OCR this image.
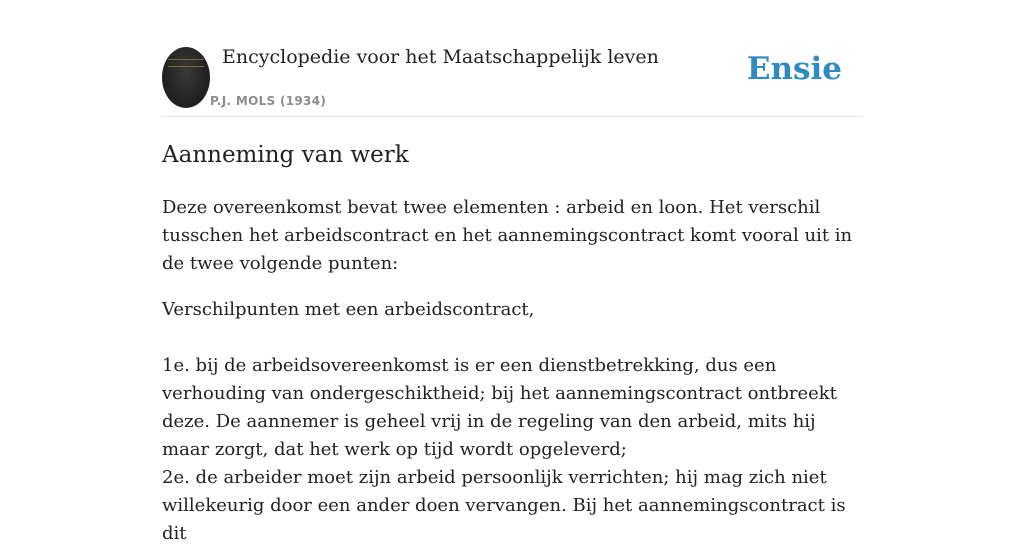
Encyclopedie voor het Maatschappelijk leven
P.J. MOLS (1934)
Ensie
Aanneming van werk

Deze overeenkomst bevat twee elementen : arbeid en loon. Het verschil tusschen het arbeidscontract en het aannemingscontract komt vooral uit in de twee volgende punten:

Verschilpunten met een arbeidscontract,

1e. bij de arbeidsovereenkomst is er een dienstbetrekking, dus een verhouding van ondergeschiktheid; bij het aannemingscontract ontbreekt deze. De aannemer is geheel vrij in de regeling van den arbeid, mits hij maar zorgt, dat het werk op tijd wordt opgeleverd;

2e. de arbeider moet zijn arbeid persoonlijk verrichten; hij mag zich niet willekeurig door een ander doen vervangen. Bij het aannemingscontract is dit
